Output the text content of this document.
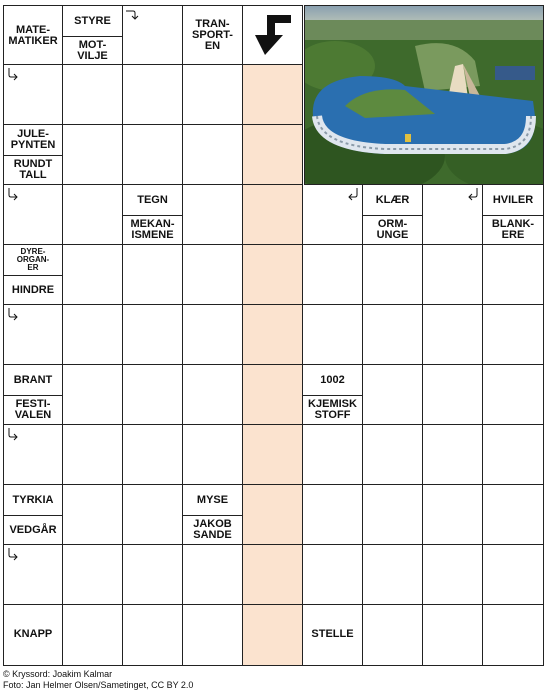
MATE-
MATIKER
STYRE
MOT-
VILJE
TRAN-
SPORT-
EN
JULE-
PYNTEN
RUNDT
TALL
TEGN
MEKAN-
ISMENE
KLÆR
ORM-
UNGE
HVILER
BLANK-
ERE
DYRE-
ORGAN-
ER
HINDRE
BRANT
FESTI-
VALEN
1002
KJEMISK
STOFF
TYRKIA
VEDGÅR
MYSE
JAKOB
SANDE
KNAPP	STELLE
© Kryssord: Joakim Kalmar
Foto: Jan Helmer Olsen/Sametinget, CC BY 2.0
